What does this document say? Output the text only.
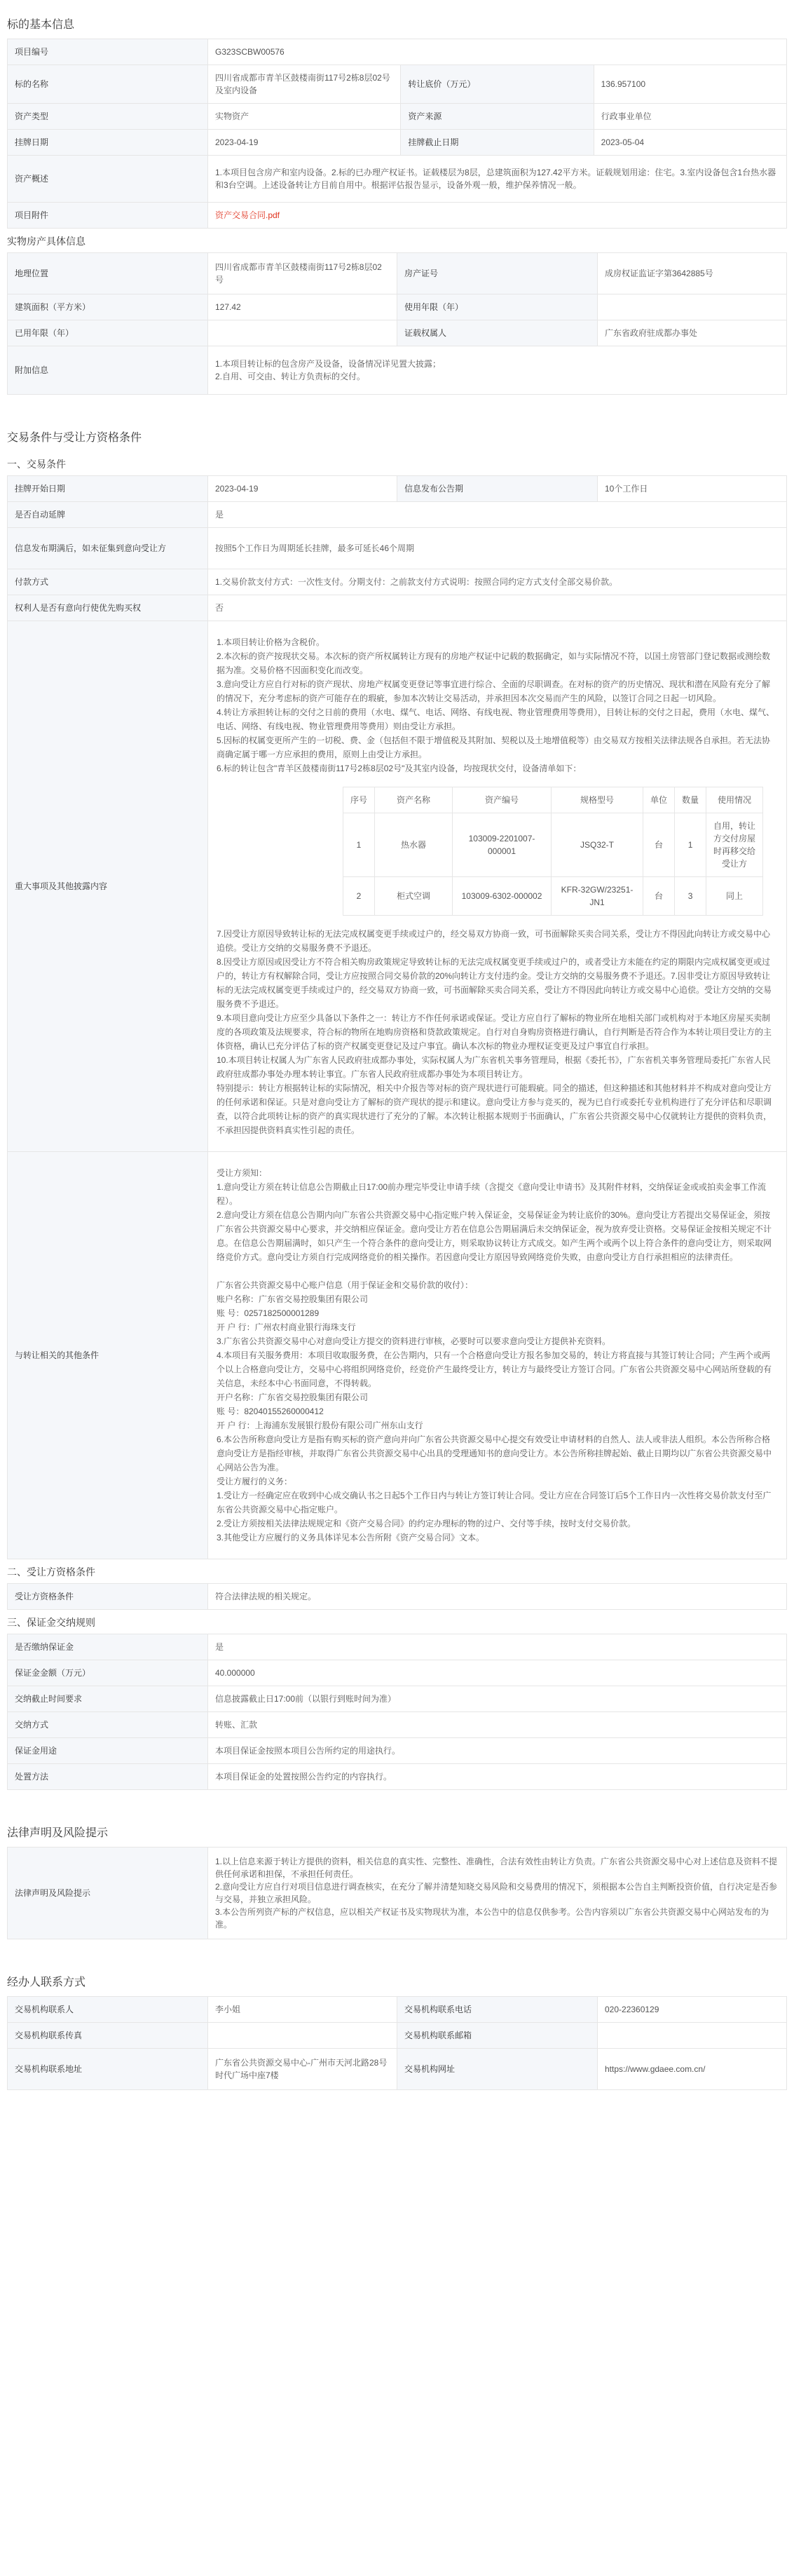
标的基本信息
项目编号	G323SCBW00576		
标的名称	四川省成都市青羊区鼓楼南街117号2栋8层02号及室内设备	转让底价（万元）	136.957100
资产类型	实物资产	资产来源	行政事业单位
挂牌日期	2023-04-19	挂牌截止日期	2023-05-04
资产概述	1.本项目包含房产和室内设备。2.标的已办理产权证书。证载楼层为8层，总建筑面积为127.42平方米。证载规划用途：住宅。3.室内设备包含1台热水器和3台空调。上述设备转让方目前自用中。根据评估报告显示，设备外观一般，维护保养情况一般。		
项目附件	资产交易合同.pdf		
实物房产具体信息
地理位置	四川省成都市青羊区鼓楼南街117号2栋8层02号	房产证号	成房权证监证字第3642885号
建筑面积（平方米）	127.42	使用年限（年）	
已用年限（年）		证载权属人	广东省政府驻成都办事处
附加信息	1.本项目转让标的包含房产及设备，设备情况详见置大披露；
2.自用、可交由、转让方负责标的交付。		
交易条件与受让方资格条件
一、交易条件
挂牌开始日期	2023-04-19	信息发布公告期	10个工作日
是否自动延牌	是
信息发布期满后，如未征集到意向受让方	按照5个工作日为周期延长挂牌，最多可延长46个周期
付款方式	1.交易价款支付方式：一次性支付。分期支付：之前款支付方式说明：按照合同约定方式支付全部交易价款。
权利人是否有意向行使优先购买权	否
重大事项及其他披露内容	
1.本项目转让价格为含税价。
2.本次标的资产按现状交易。本次标的资产所权属转让方现有的房地产权证中记载的数据确定，如与实际情况不符，以国土房管部门登记数据或测绘数据为准。交易价格不因面积变化而改变。
3.意向受让方应自行对标的资产现状、房地产权属变更登记等事宜进行综合、全面的尽职调查。在对标的资产的历史情况、现状和潜在风险有充分了解的情况下，充分考虑标的资产可能存在的瑕疵，参加本次转让交易活动，并承担因本次交易而产生的风险，以签订合同之日起一切风险。
4.转让方承担转让标的交付之日前的费用（水电、煤气、电话、网络、有线电视、物业管理费用等费用），目转让标的交付之日起，费用（水电、煤气、电话、网络、有线电视、物业管理费用等费用）则由受让方承担。
5.因标的权属变更所产生的一切税、费、金（包括但不限于增值税及其附加、契税以及土地增值税等）由交易双方按相关法律法规各自承担。若无法协商确定属于哪一方应承担的费用，原则上由受让方承担。
6.标的转让包含"青羊区鼓楼南街117号2栋8层02号"及其室内设备，均按现状交付，设备清单如下：
序号	资产名称	资产编号	规格型号	单位	数量	使用情况
1	热水器	103009-2201007-000001	JSQ32-T	台	1	自用，转让方交付房屋时再移交给受让方
2	柜式空调	103009-6302-000002	KFR-32GW/23251-JN1	台	3	同上
7.因受让方原因导致转让标的无法完成权属变更手续或过户的，经交易双方协商一致，可书面解除买卖合同关系，受让方不得因此向转让方或交易中心追偿。受让方交纳的交易服务费不予退还。
8.因受让方原因或因受让方不符合相关购房政策规定导致转让标的无法完成权属变更手续或过户的，或者受让方未能在约定的期限内完成权属变更或过户的，转让方有权解除合同，受让方应按照合同交易价款的20%向转让方支付违约金。受让方交纳的交易服务费不予退还。7.因非受让方原因导致转让标的无法完成权属变更手续或过户的，经交易双方协商一致，可书面解除买卖合同关系，受让方不得因此向转让方或交易中心追偿。受让方交纳的交易服务费不予退还。
9.本项目意向受让方应至少具备以下条件之一：转让方不作任何承诺或保证。受让方应自行了解标的物业所在地相关部门或机构对于本地区房屋买卖制度的各项政策及法规要求，符合标的物所在地购房资格和贷款政策规定。自行对自身购房资格进行确认，自行判断是否符合作为本转让项目受让方的主体资格，确认已充分评估了标的资产权属变更登记及过户事宜。确认本次标的物业办理权证变更及过户事宜自行承担。
10.本项目转让权属人为广东省人民政府驻成都办事处，实际权属人为广东省机关事务管理局，根据《委托书》，广东省机关事务管理局委托广东省人民政府驻成都办事处办理本转让事宜。广东省人民政府驻成都办事处为本项目转让方。
特别提示：转让方根据转让标的实际情况，相关中介报告等对标的资产现状进行可能瑕疵。同全的描述，但这种描述和其他材料并不构成对意向受让方的任何承诺和保证。只是对意向受让方了解标的资产现状的提示和建议。意向受让方参与竞买的，视为已自行或委托专业机构进行了充分评估和尽职调查，以符合此项转让标的资产的真实现状进行了充分的了解。本次转让根据本规则于书面确认，广东省公共资源交易中心仅就转让方提供的资料负责，不承担因提供资料真实性引起的责任。

与转让相关的其他条件	
受让方须知：
1.意向受让方须在转让信息公告期截止日17:00前办理完毕受让申请手续（含提交《意向受让申请书》及其附件材料，交纳保证金或或拍卖金事工作流程）。
2.意向受让方须在信息公告期内向广东省公共资源交易中心指定账户转入保证金，交易保证金为转让底价的30%。意向受让方若提出交易保证金，须按广东省公共资源交易中心要求，并交纳相应保证金。意向受让方若在信息公告期届满后未交纳保证金，视为放弃受让资格。交易保证金按相关规定不计息。在信息公告期届满时，如只产生一个符合条件的意向受让方，则采取协议转让方式成交。如产生两个或两个以上符合条件的意向受让方，则采取网络竞价方式。意向受让方须自行完成网络竞价的相关操作。若因意向受让方原因导致网络竞价失败，由意向受让方自行承担相应的法律责任。
广东省公共资源交易中心账户信息（用于保证金和交易价款的收付）：
账户名称：广东省交易控股集团有限公司
账 号：0257182500001289
开 户 行：广州农村商业银行海珠支行
3.广东省公共资源交易中心对意向受让方提交的资料进行审核，必要时可以要求意向受让方提供补充资料。
4.本项目有关服务费用：本项目收取服务费，在公告期内，只有一个合格意向受让方报名参加交易的，转让方将直接与其签订转让合同；产生两个或两个以上合格意向受让方，交易中心将组织网络竞价，经竞价产生最终受让方，转让方与最终受让方签订合同。广东省公共资源交易中心网站所登载的有关信息，未经本中心书面同意，不得转载。
开户名称：广东省交易控股集团有限公司
账 号：82040155260000412
开 户 行：上海浦东发展银行股份有限公司广州东山支行
6.本公告所称意向受让方是指有购买标的资产意向并向广东省公共资源交易中心提交有效受让申请材料的自然人、法人或非法人组织。本公告所称合格意向受让方是指经审核，并取得广东省公共资源交易中心出具的受理通知书的意向受让方。本公告所称挂牌起始、截止日期均以广东省公共资源交易中心网站公告为准。
受让方履行的义务：
1.受让方一经确定应在收到中心成交确认书之日起5个工作日内与转让方签订转让合同。受让方应在合同签订后5个工作日内一次性将交易价款支付至广东省公共资源交易中心指定账户。
2.受让方须按相关法律法规规定和《资产交易合同》的约定办理标的物的过户、交付等手续，按时支付交易价款。
3.其他受让方应履行的义务具体详见本公告所附《资产交易合同》文本。
二、受让方资格条件
受让方资格条件	符合法律法规的相关规定。
三、保证金交纳规则
是否缴纳保证金	是
保证金金额（万元）	40.000000
交纳截止时间要求	信息披露截止日17:00前（以银行到账时间为准）
交纳方式	转账、汇款
保证金用途	本项目保证金按照本项目公告所约定的用途执行。
处置方法	本项目保证金的处置按照公告约定的内容执行。
法律声明及风险提示
法律声明及风险提示	1.以上信息来源于转让方提供的资料，相关信息的真实性、完整性、准确性，合法有效性由转让方负责。广东省公共资源交易中心对上述信息及资料不提供任何承诺和担保，不承担任何责任。
2.意向受让方应自行对项目信息进行调查核实，在充分了解并清楚知晓交易风险和交易费用的情况下，须根据本公告自主判断投资价值，自行决定是否参与交易，并独立承担风险。
3.本公告所列资产标的产权信息，应以相关产权证书及实物现状为准，本公告中的信息仅供参考。公告内容须以广东省公共资源交易中心网站发布的为准。
经办人联系方式
交易机构联系人	李小姐	交易机构联系电话	020-22360129
交易机构联系传真		交易机构联系邮箱	
交易机构联系地址	广东省公共资源交易中心-广州市天河北路28号时代广场中座7楼	交易机构网址	https://www.gdaee.com.cn/
